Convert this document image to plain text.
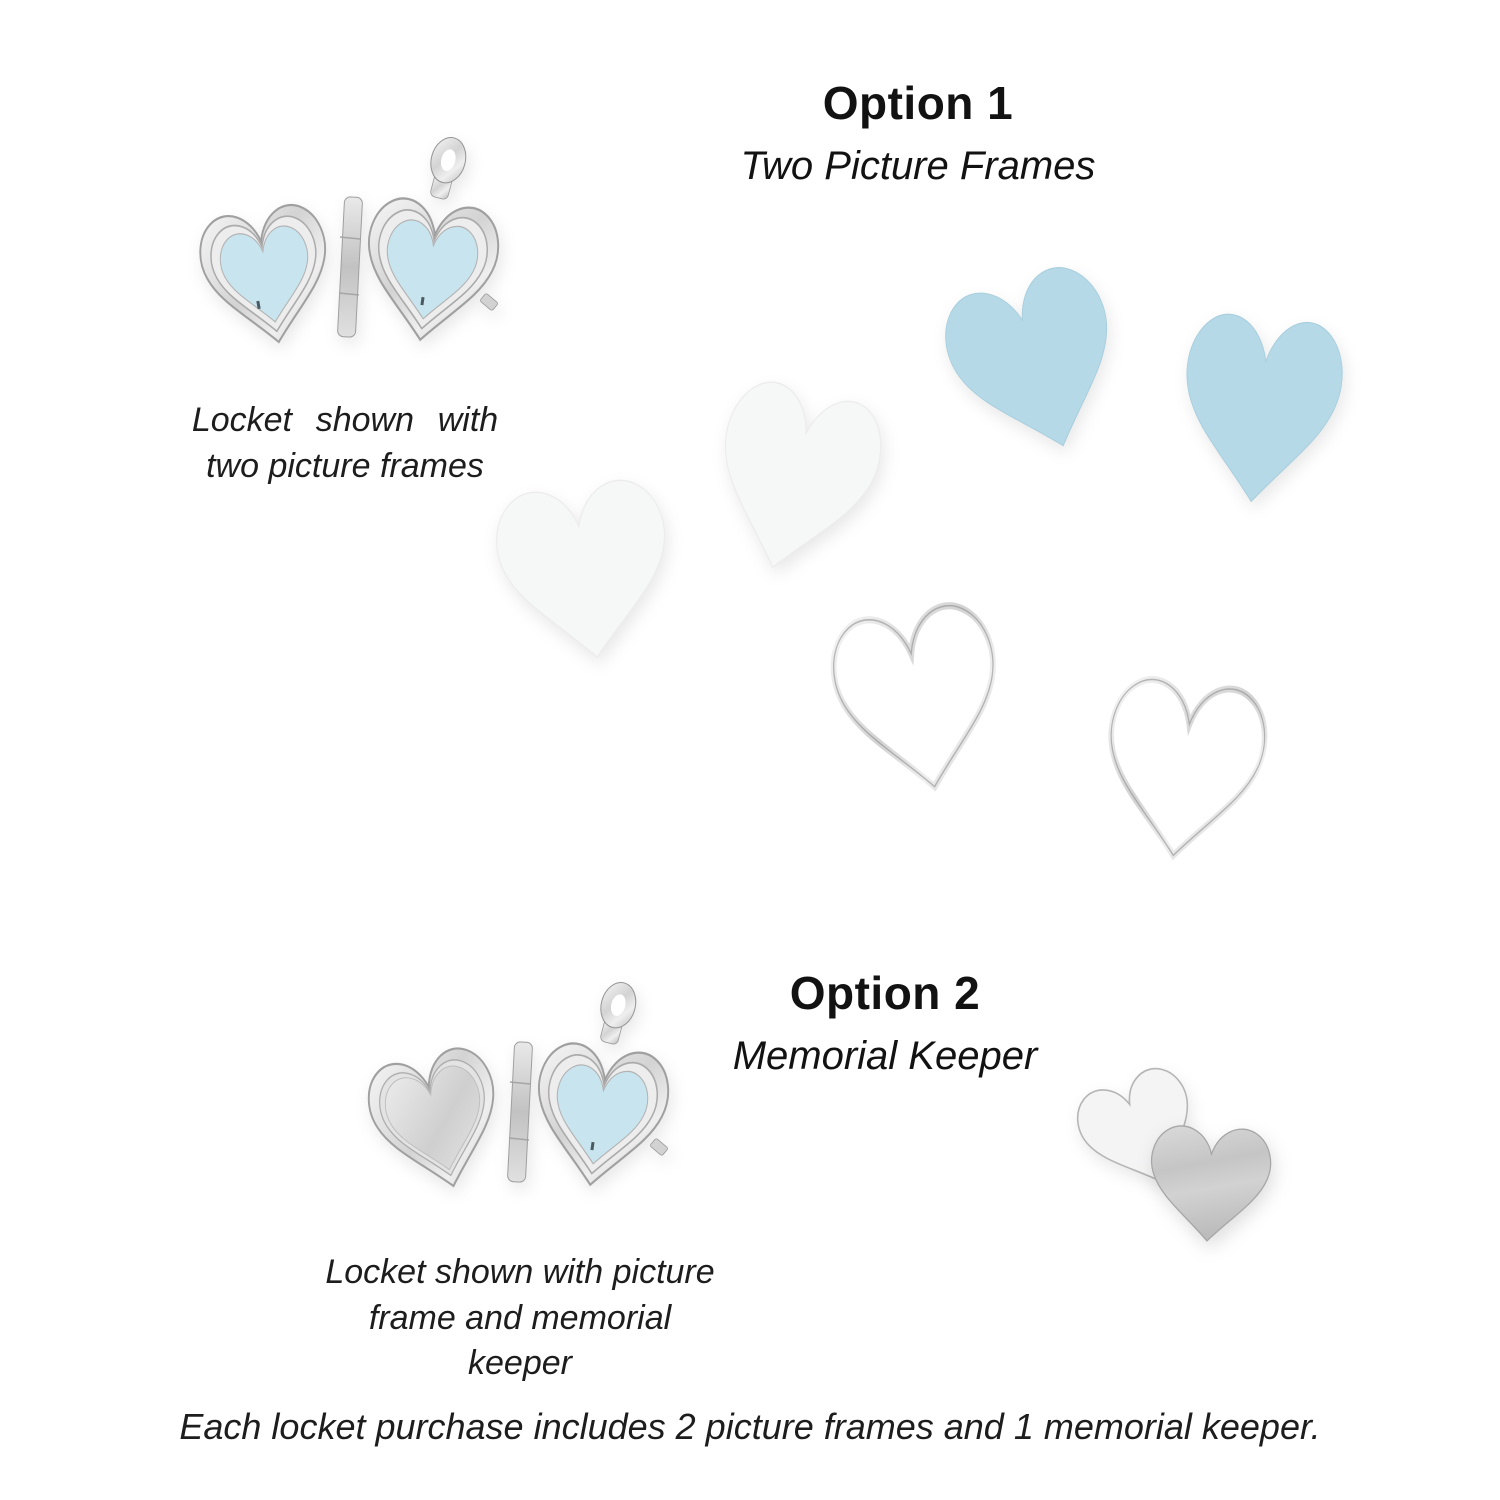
Option 1
Two Picture Frames
Locket shown with
two picture frames
Option 2
Memorial Keeper
Locket shown with picture
frame and memorial keeper
Each locket purchase includes 2 picture frames and 1 memorial keeper.
